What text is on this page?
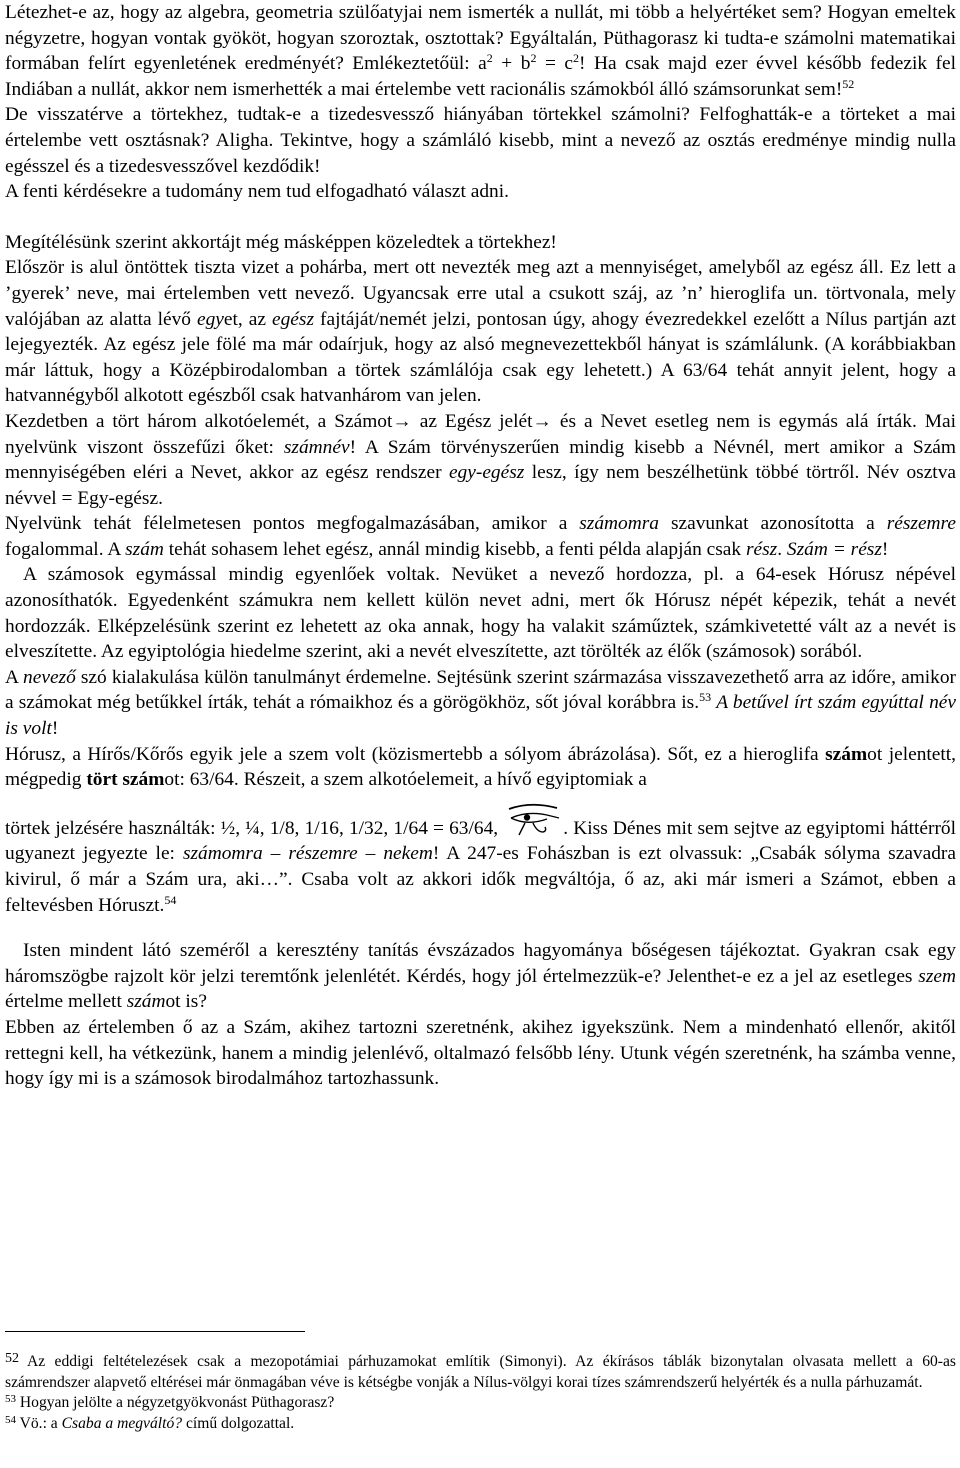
Létezhet-e az, hogy az algebra, geometria szülőatyjai nem ismerték a nullát, mi több a helyértéket sem? Hogyan emeltek négyzetre, hogyan vontak gyököt, hogyan szoroztak, osztottak? Egyáltalán, Püthagorasz ki tudta-e számolni matematikai formában felírt egyenletének eredményét? Emlékeztetőül: $a^2 + b^2 = c^2$! Ha csak majd ezer évvel később fedezik fel Indiában a nullát, akkor nem ismerhették a mai értelembe vett racionális számokból álló számsorunkat sem!$^{52}$

De visszatérve a törtekhez, tudtak-e a tizedesvessző hiányában törtekkel számolni? Felfoghatták-e a törteket a mai értelembe vett osztásnak? Aligha. Tekintve, hogy a számláló kisebb, mint a nevező az osztás eredménye mindig nulla egésszel és a tizedesvesszővel kezdődik!

A fenti kérdésekre a tudomány nem tud elfogadható választ adni.

Megítélésünk szerint akkortájt még másképpen közeledtek a törtekhez!

Először is alul öntöttek tiszta vizet a pohárba, mert ott nevezték meg azt a mennyiséget, amelyből az egész áll. Ez lett a ’gyerek’ neve, mai értelemben vett nevező. Ugyancsak erre utal a csukott száj, az ’n’ hieroglifa un. törtvonala, mely valójában az alatta lévő egyet, az egész fajtáját/nemét jelzi, pontosan úgy, ahogy évezredekkel ezelőtt a Nílus partján azt lejegyezték. Az egész jele fölé ma már odaírjuk, hogy az alsó megnevezettekből hányat is számlálunk. (A korábbiakban már láttuk, hogy a Középbirodalomban a törtek számlálója csak egy lehetett.) A 63/64 tehát annyit jelent, hogy a hatvannégyből alkotott egészből csak hatvanhárom van jelen.

Kezdetben a tört három alkotóelemét, a Számot→ az Egész jelét→ és a Nevet esetleg nem is egymás alá írták. Mai nyelvünk viszont összefűzi őket: számnév! A Szám törvényszerűen mindig kisebb a Névnél, mert amikor a Szám mennyiségében eléri a Nevet, akkor az egész rendszer egy-egész lesz, így nem beszélhetünk többé törtről. Név osztva névvel = Egy-egész.

Nyelvünk tehát félelmetesen pontos megfogalmazásában, amikor a számomra szavunkat azonosította a részemre fogalommal. A szám tehát sohasem lehet egész, annál mindig kisebb, a fenti példa alapján csak rész. Szám = rész!

A számosok egymással mindig egyenlőek voltak. Nevüket a nevező hordozza, pl. a 64-esek Hórusz népével azonosíthatók. Egyedenként számukra nem kellett külön nevet adni, mert ők Hórusz népét képezik, tehát a nevét hordozzák. Elképzelésünk szerint ez lehetett az oka annak, hogy ha valakit száműztek, számkivetetté vált az a nevét is elveszítette. Az egyiptológia hiedelme szerint, aki a nevét elveszítette, azt törölték az élők (számosok) sorából.

A nevező szó kialakulása külön tanulmányt érdemelne. Sejtésünk szerint származása visszavezethető arra az időre, amikor a számokat még betűkkel írták, tehát a rómaikhoz és a görögökhöz, sőt jóval korábbra is.$^{53}$ A betűvel írt szám egyúttal név is volt!

Hórusz, a Hírős/Kőrős egyik jele a szem volt (közismertebb a sólyom ábrázolása). Sőt, ez a hieroglifa számot jelentett, mégpedig tört számot: 63/64. Részeit, a szem alkotóelemeit, a hívő egyiptomiak a

törtek jelzésére használták: ½, ¼, 1/8, 1/16, 1/32, 1/64 = 63/64,	. Kiss Dénes mit sem sejtve az egyiptomi háttérről ugyanezt jegyezte le: számomra – részemre – nekem! A 247-es Fohászban is ezt olvassuk: „Csabák sólyma szavadra kivirul, ő már a Szám ura, aki…”. Csaba volt az akkori idők megváltója, ő az, aki már ismeri a Számot, ebben a feltevésben Hóruszt.$^{54}$

Isten mindent látó szeméről a keresztény tanítás évszázados hagyománya bőségesen tájékoztat. Gyakran csak egy háromszögbe rajzolt kör jelzi teremtőnk jelenlétét. Kérdés, hogy jól értelmezzük-e? Jelenthet-e ez a jel az esetleges szem értelme mellett számot is?

Ebben az értelemben ő az a Szám, akihez tartozni szeretnénk, akihez igyekszünk. Nem a mindenható ellenőr, akitől rettegni kell, ha vétkezünk, hanem a mindig jelenlévő, oltalmazó felsőbb lény. Utunk végén szeretnénk, ha számba venne, hogy így mi is a számosok birodalmához tartozhassunk.

$^{52}$ Az eddigi feltételezések csak a mezopotámiai párhuzamokat említik (Simonyi). Az ékírásos táblák bizonytalan olvasata mellett a 60-as számrendszer alapvető eltérései már önmagában véve is kétségbe vonják a Nílus-völgyi korai tízes számrendszerű helyérték és a nulla párhuzamát.

$^{53}$ Hogyan jelölte a négyzetgyökvonást Püthagorasz?

$^{54}$ Vö.: a Csaba a megváltó? című dolgozattal.
